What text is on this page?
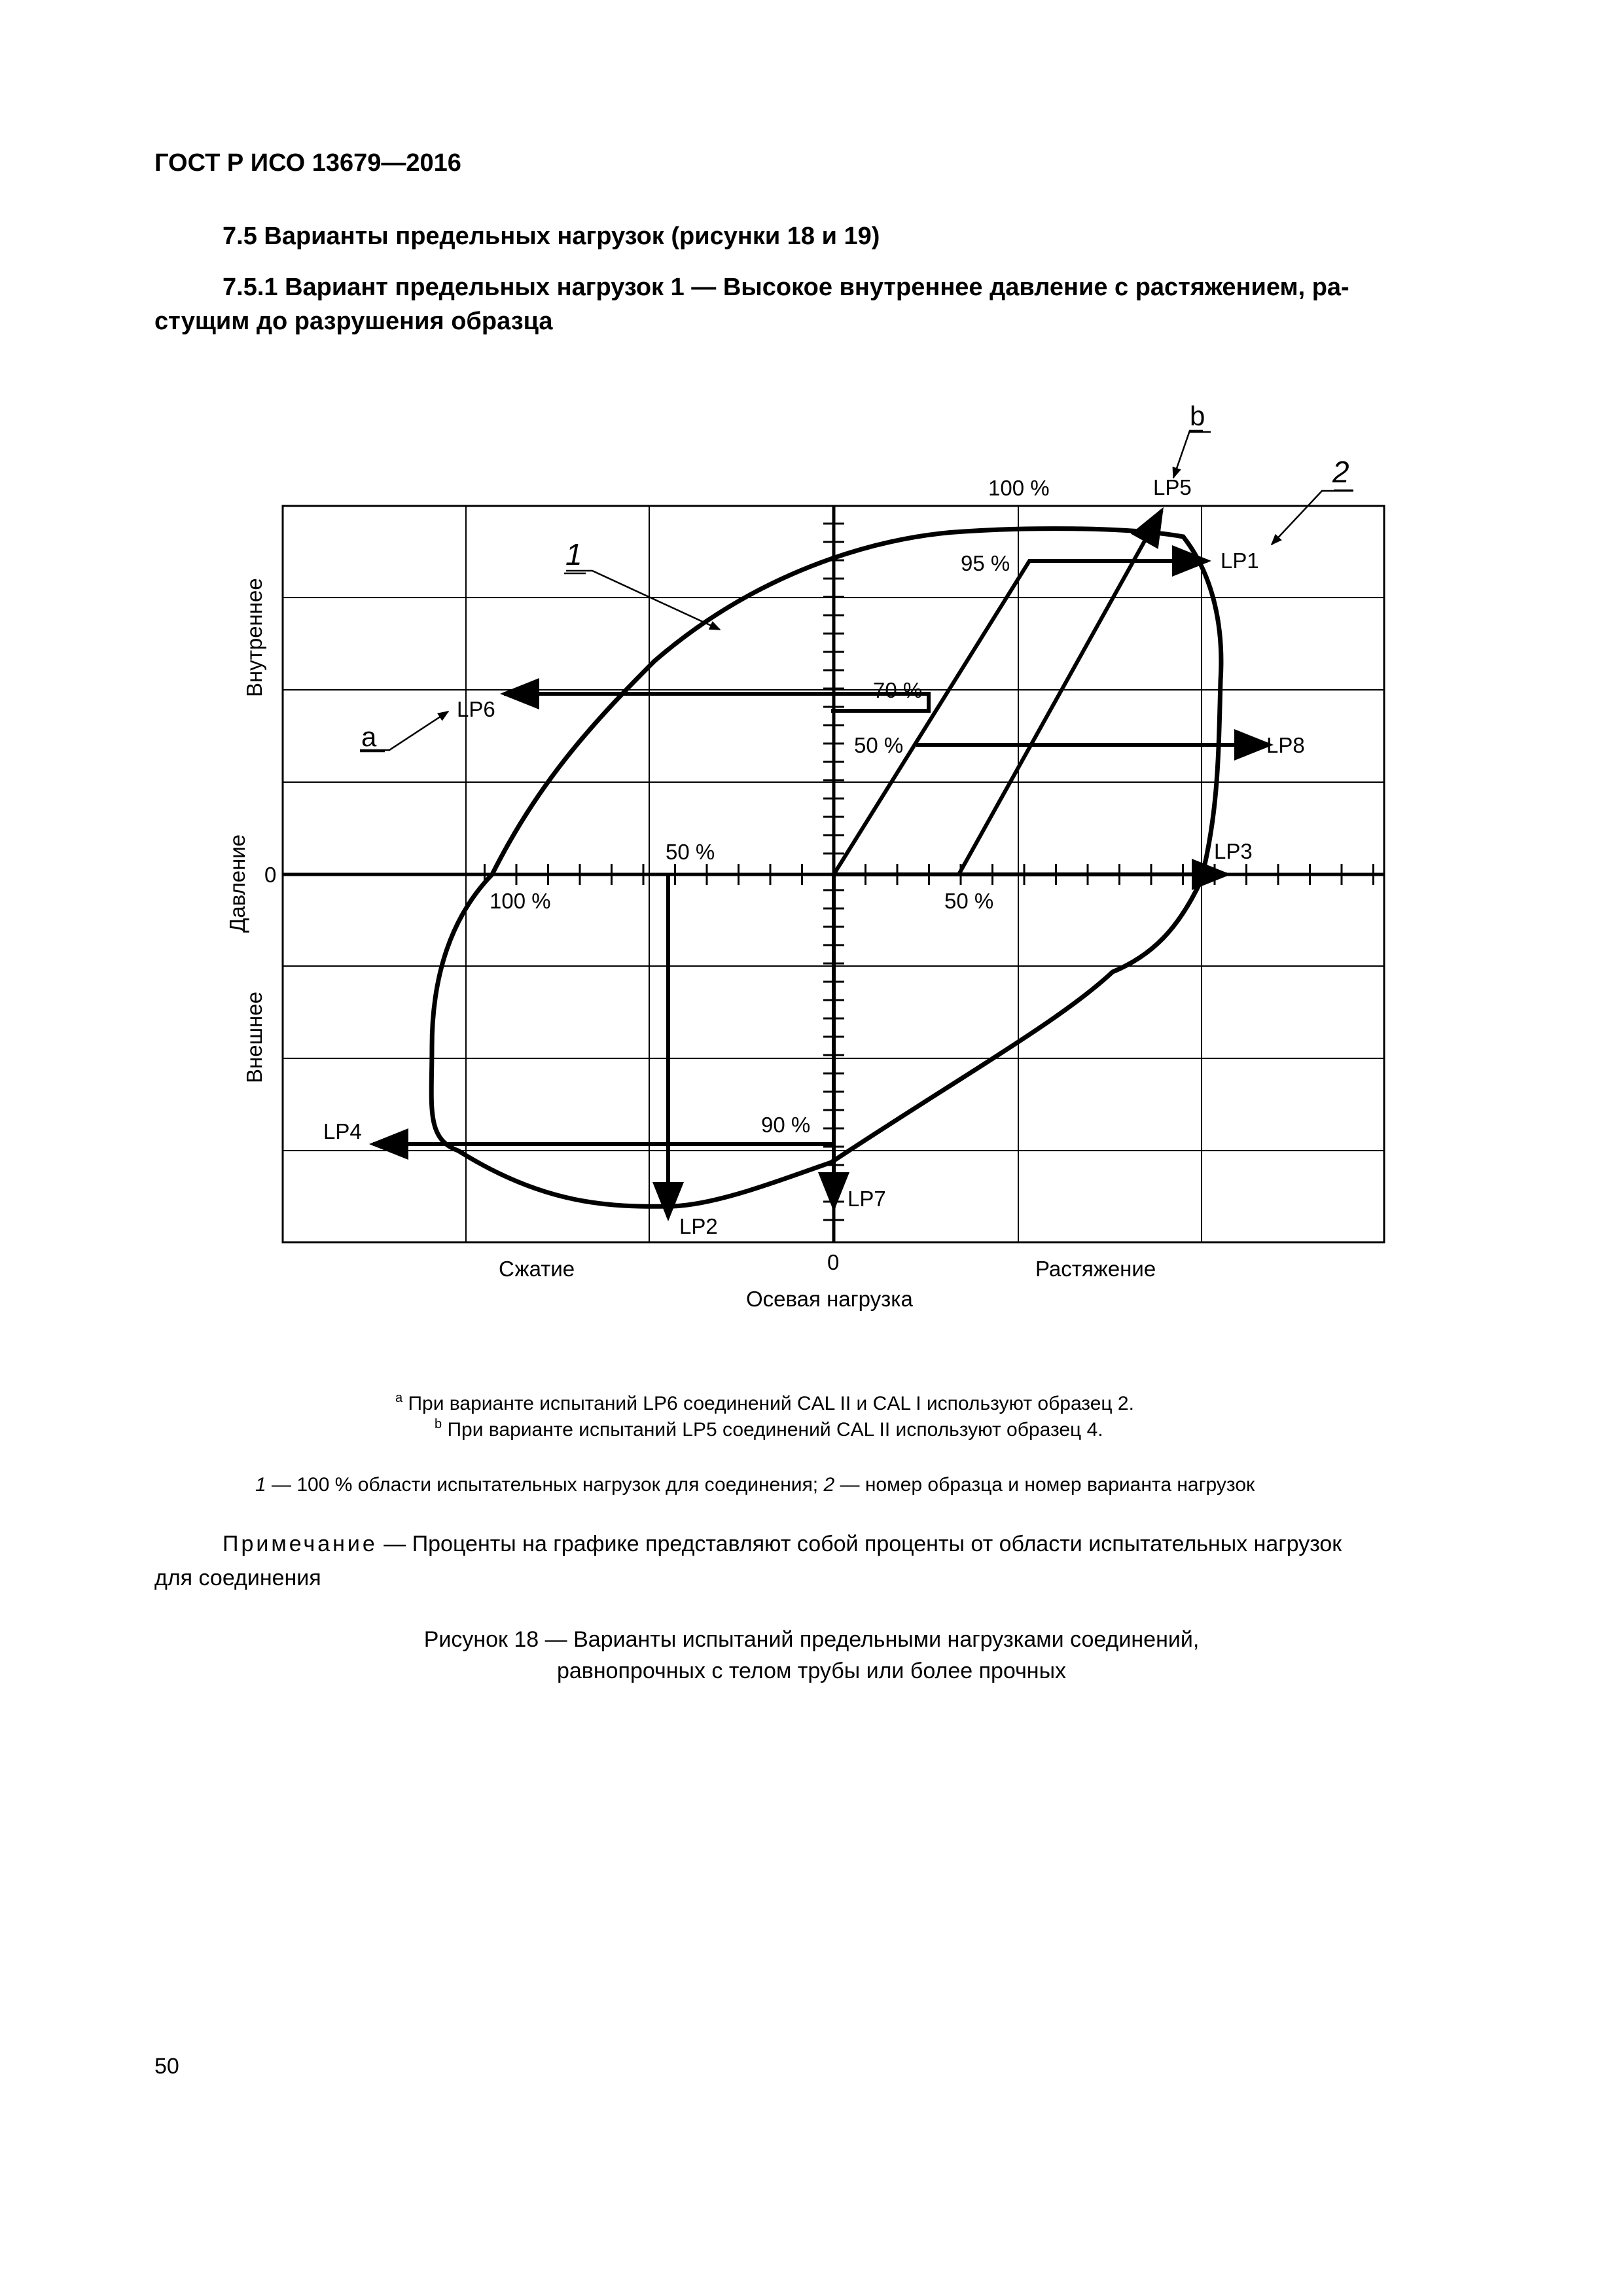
ГОСТ Р ИСО 13679—2016
7.5 Варианты предельных нагрузок (рисунки 18 и 19)
7.5.1 Вариант предельных нагрузок 1 — Высокое внутреннее давление с растяжением, ра-
стущим до разрушения образца
Внутреннее
Давление
Внешнее
0
0
Сжатие	Растяжение
Осевая нагрузка
LP1
LP2
LP3
LP4
LP5
LP6
LP7
LP8
100 %
95 %
70 %
50 %
50 %
100 %	50 %
90 %
1
2
a
b
$^a$ При варианте испытаний LP6 соединений CAL II и CAL I используют образец 2.
$^b$ При варианте испытаний LP5 соединений CAL II используют образец 4.
1 — 100 % области испытательных нагрузок для соединения; 2 — номер образца и номер варианта нагрузок
Примечание — Проценты на графике представляют собой проценты от области испытательных нагрузок
для соединения
Рисунок 18 — Варианты испытаний предельными нагрузками соединений,
равнопрочных с телом трубы или более прочных
50
